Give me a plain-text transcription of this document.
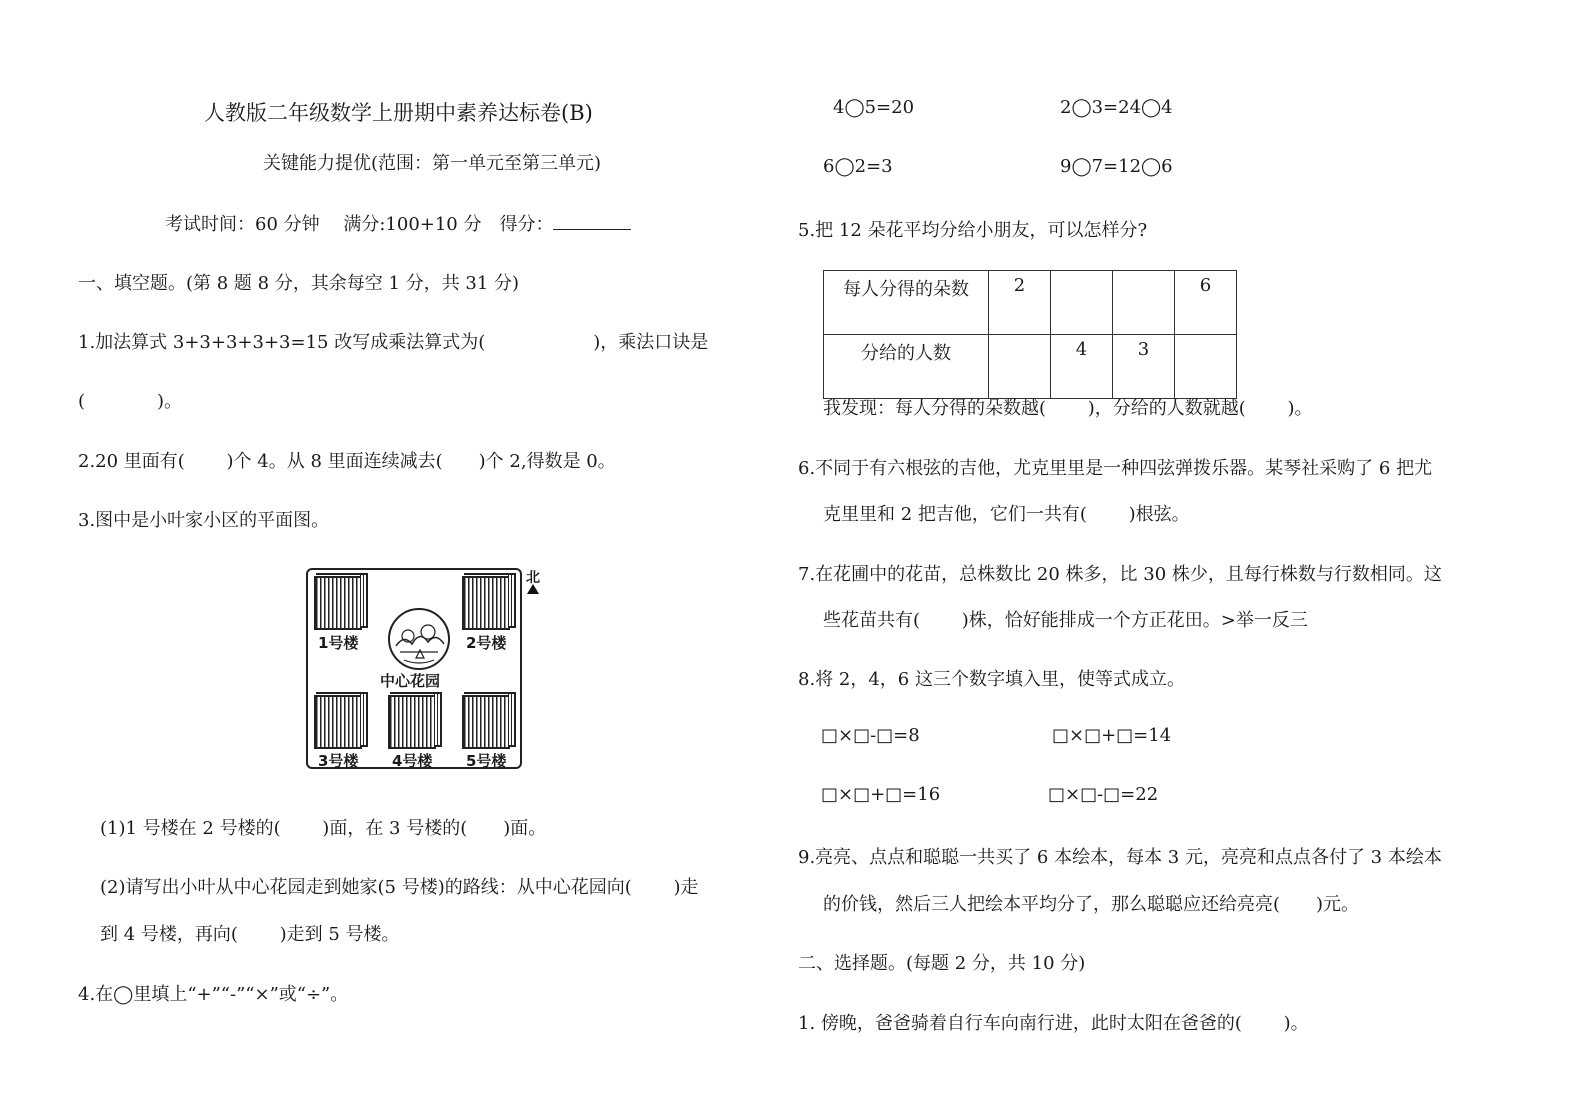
人教版二年级数学上册期中素养达标卷(B)
关键能力提优(范围：第一单元至第三单元)
考试时间：60 分钟　 满分:100+10 分　得分：
一、填空题。(第 8 题 8 分，其余每空 1 分，共 31 分)
1.加法算式 3+3+3+3+3=15 改写成乘法算式为(　　　　　　)，乘法口诀是
(　　　　)。
2.20 里面有(　　 )个 4。从 8 里面连续减去(　　)个 2,得数是 0。
3.图中是小叶家小区的平面图。
1号楼	2号楼
中心花园
3号楼 4号楼 5号楼
北
(1)1 号楼在 2 号楼的(　　 )面，在 3 号楼的(　　)面。
(2)请写出小叶从中心花园走到她家(5 号楼)的路线：从中心花园向(　　 )走
到 4 号楼，再向(　　 )走到 5 号楼。
4.在◯里填上“+”“-”“×”或“÷”。
4◯5=20	2◯3=24◯4
6◯2=3	9◯7=12◯6
5.把 12 朵花平均分给小朋友，可以怎样分?
每人分得的朵数	2			6
分给的人数		4	3	
我发现：每人分得的朵数越(　　 )，分给的人数就越(　　 )。
6.不同于有六根弦的吉他，尤克里里是一种四弦弹拨乐器。某琴社采购了 6 把尤
克里里和 2 把吉他，它们一共有(　　 )根弦。
7.在花圃中的花苗，总株数比 20 株多，比 30 株少，且每行株数与行数相同。这
些花苗共有(　　 )株，恰好能排成一个方正花田。>举一反三
8.将 2，4，6 这三个数字填入里，使等式成立。
□×□-□=8	□×□+□=14
□×□+□=16	□×□-□=22
9.亮亮、点点和聪聪一共买了 6 本绘本，每本 3 元，亮亮和点点各付了 3 本绘本
的价钱，然后三人把绘本平均分了，那么聪聪应还给亮亮(　　)元。
二、选择题。(每题 2 分，共 10 分)
1. 傍晚，爸爸骑着自行车向南行进，此时太阳在爸爸的(　　 )。
